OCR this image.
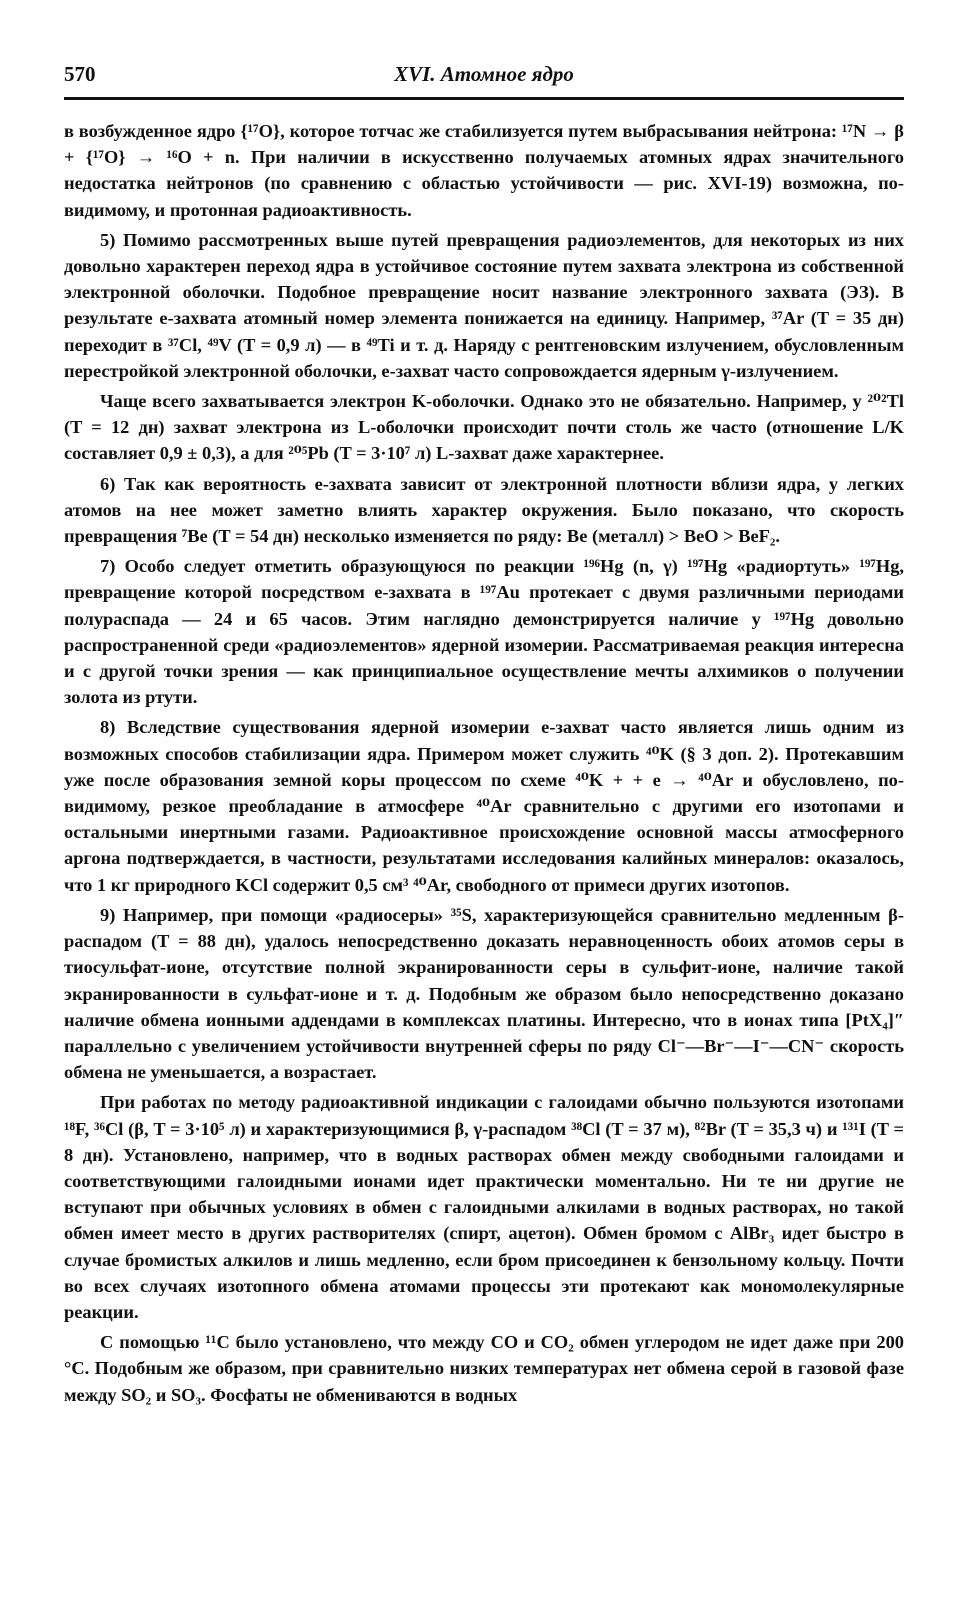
570	XVI. Атомное ядро

в возбужденное ядро {¹⁷O}, которое тотчас же стабилизуется путем выбрасывания нейтрона: ¹⁷N → β + {¹⁷O} → ¹⁶O + n. При наличии в искусственно получаемых атомных ядрах значительного недостатка нейтронов (по сравнению с областью устойчивости — рис. XVI-19) возможна, по-видимому, и протонная радиоактивность.

5) Помимо рассмотренных выше путей превращения радиоэлементов, для некоторых из них довольно характерен переход ядра в устойчивое состояние путем захвата электрона из собственной электронной оболочки. Подобное превращение носит название электронного захвата (ЭЗ). В результате e-захвата атомный номер элемента понижается на единицу. Например, ³⁷Ar (T = 35 дн) переходит в ³⁷Cl, ⁴⁹V (T = 0,9 л) — в ⁴⁹Ti и т. д. Наряду с рентгеновским излучением, обусловленным перестройкой электронной оболочки, e-захват часто сопровождается ядерным γ-излучением.

Чаще всего захватывается электрон K-оболочки. Однако это не обязательно. Например, у ²⁰²Tl (T = 12 дн) захват электрона из L-оболочки происходит почти столь же часто (отношение L/K составляет 0,9 ± 0,3), а для ²⁰⁵Pb (T = 3·10⁷ л) L-захват даже характернее.

6) Так как вероятность e-захвата зависит от электронной плотности вблизи ядра, у легких атомов на нее может заметно влиять характер окружения. Было показано, что скорость превращения ⁷Be (T = 54 дн) несколько изменяется по ряду: Be (металл) > BeO > BeF₂.

7) Особо следует отметить образующуюся по реакции ¹⁹⁶Hg (n, γ) ¹⁹⁷Hg «радиортуть» ¹⁹⁷Hg, превращение которой посредством e-захвата в ¹⁹⁷Au протекает с двумя различными периодами полураспада — 24 и 65 часов. Этим наглядно демонстрируется наличие у ¹⁹⁷Hg довольно распространенной среди «радиоэлементов» ядерной изомерии. Рассматриваемая реакция интересна и с другой точки зрения — как принципиальное осуществление мечты алхимиков о получении золота из ртути.

8) Вследствие существования ядерной изомерии e-захват часто является лишь одним из возможных способов стабилизации ядра. Примером может служить ⁴⁰K (§ 3 доп. 2). Протекавшим уже после образования земной коры процессом по схеме ⁴⁰K + + e → ⁴⁰Ar и обусловлено, по-видимому, резкое преобладание в атмосфере ⁴⁰Ar сравнительно с другими его изотопами и остальными инертными газами. Радиоактивное происхождение основной массы атмосферного аргона подтверждается, в частности, результатами исследования калийных минералов: оказалось, что 1 кг природного KCl содержит 0,5 см³ ⁴⁰Ar, свободного от примеси других изотопов.

9) Например, при помощи «радиосеры» ³⁵S, характеризующейся сравнительно медленным β-распадом (T = 88 дн), удалось непосредственно доказать неравноценность обоих атомов серы в тиосульфат-ионе, отсутствие полной экранированности серы в сульфит-ионе, наличие такой экранированности в сульфат-ионе и т. д. Подобным же образом было непосредственно доказано наличие обмена ионными аддендами в комплексах платины. Интересно, что в ионах типа [PtX₄]″ параллельно с увеличением устойчивости внутренней сферы по ряду Cl⁻—Br⁻—I⁻—CN⁻ скорость обмена не уменьшается, а возрастает.

При работах по методу радиоактивной индикации с галоидами обычно пользуются изотопами ¹⁸F, ³⁶Cl (β, T = 3·10⁵ л) и характеризующимися β, γ-распадом ³⁸Cl (T = 37 м), ⁸²Br (T = 35,3 ч) и ¹³¹I (T = 8 дн). Установлено, например, что в водных растворах обмен между свободными галоидами и соответствующими галоидными ионами идет практически моментально. Ни те ни другие не вступают при обычных условиях в обмен с галоидными алкилами в водных растворах, но такой обмен имеет место в других растворителях (спирт, ацетон). Обмен бромом с AlBr₃ идет быстро в случае бромистых алкилов и лишь медленно, если бром присоединен к бензольному кольцу. Почти во всех случаях изотопного обмена атомами процессы эти протекают как мономолекулярные реакции.

С помощью ¹¹C было установлено, что между CO и CO₂ обмен углеродом не идет даже при 200 °C. Подобным же образом, при сравнительно низких температурах нет обмена серой в газовой фазе между SO₂ и SO₃. Фосфаты не обмениваются в водных
